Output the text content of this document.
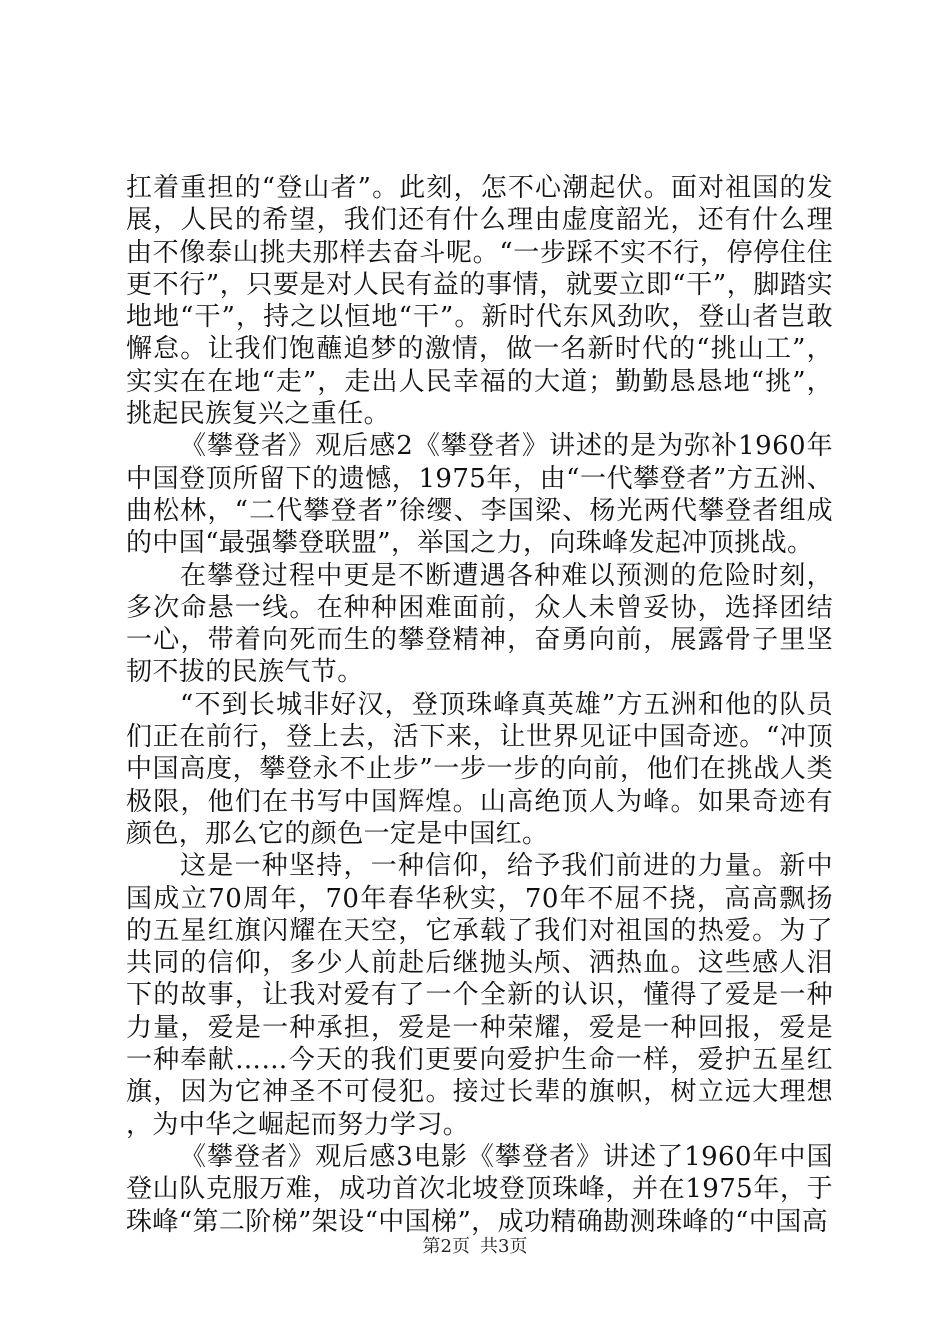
扛着重担的“登山者”。此刻，怎不心潮起伏。面对祖国的发展，人民的希望，我们还有什么理由虚度韶光，还有什么理由不像泰山挑夫那样去奋斗呢。“一步踩不实不行，停停住住更不行”，只要是对人民有益的事情，就要立即“干”，脚踏实地地“干”，持之以恒地“干”。新时代东风劲吹，登山者岂敢懈怠。让我们饱蘸追梦的激情，做一名新时代的“挑山工”，实实在在地“走”，走出人民幸福的大道；勤勤恳恳地“挑”，挑起民族复兴之重任。

《攀登者》观后感2《攀登者》讲述的是为弥补1960年中国登顶所留下的遗憾，1975年，由“一代攀登者”方五洲、曲松林，“二代攀登者”徐缨、李国梁、杨光两代攀登者组成的中国“最强攀登联盟”，举国之力，向珠峰发起冲顶挑战。

在攀登过程中更是不断遭遇各种难以预测的危险时刻，多次命悬一线。在种种困难面前，众人未曾妥协，选择团结一心，带着向死而生的攀登精神，奋勇向前，展露骨子里坚韧不拔的民族气节。

“不到长城非好汉，登顶珠峰真英雄”方五洲和他的队员们正在前行，登上去，活下来，让世界见证中国奇迹。“冲顶中国高度，攀登永不止步”一步一步的向前，他们在挑战人类极限，他们在书写中国辉煌。山高绝顶人为峰。如果奇迹有颜色，那么它的颜色一定是中国红。

这是一种坚持，一种信仰，给予我们前进的力量。新中国成立70周年，70年春华秋实，70年不屈不挠，高高飘扬的五星红旗闪耀在天空，它承载了我们对祖国的热爱。为了共同的信仰，多少人前赴后继抛头颅、洒热血。这些感人泪下的故事，让我对爱有了一个全新的认识，懂得了爱是一种力量，爱是一种承担，爱是一种荣耀，爱是一种回报，爱是一种奉献……今天的我们更要向爱护生命一样，爱护五星红旗，因为它神圣不可侵犯。接过长辈的旗帜，树立远大理想，为中华之崛起而努力学习。

《攀登者》观后感3电影《攀登者》讲述了1960年中国登山队克服万难，成功首次北坡登顶珠峰，并在1975年，于珠峰“第二阶梯”架设“中国梯”，成功精确勘测珠峰的“中国高

第2页 共3页
